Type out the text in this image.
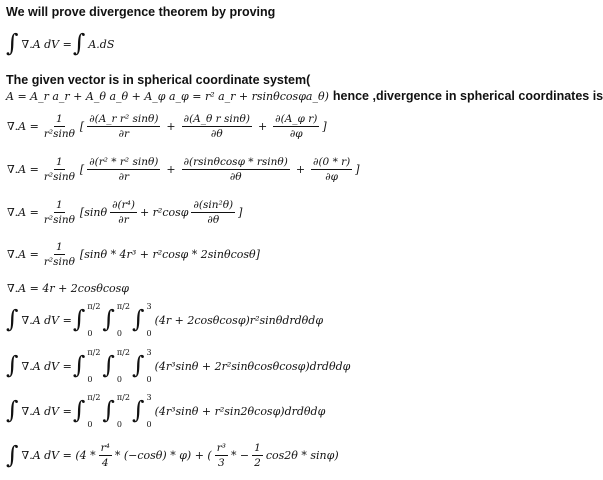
We will prove divergence theorem by proving
∫ ∇.A dV = ∫ A.dS
The given vector is in spherical coordinate system(
A = A_r a_r + A_θ a_θ + A_φ a_φ = r² a_r + rsinθcosφa_θ) hence ,divergence in spherical coordinates is
$\nabla.A = \frac{1}{\text{r²sinθ}}$ [ $\frac{\text{∂(A\_r r² sinθ)}}{\partial r} + \frac{\text{∂(A\_θ r sinθ)}}{\partial\theta} + \frac{\text{∂(A\_φ r)}}{\partial\varphi}$ ]
$\nabla.A = \frac{1}{\text{r²sinθ}}$ [ $\frac{\text{∂(r² * r² sinθ)}}{\partial r} + \frac{\partial(rsin\theta\cos\varphi * rsin\theta)}{\partial\theta} + \frac{\partial(0 * r)}{\partial\varphi}$ ]
$\nabla.A = \frac{1}{\text{r²sinθ}} [\sin\theta \frac{\text{∂(r⁴)}}{\partial r} + r^2\cos\varphi \frac{\text{∂(sin²θ)}}{\partial\theta}$ ]
$\nabla.A = \frac{1}{\text{r²sinθ}} [\sin\theta * 4r^3 + r^2\cos\varphi * 2\sin\theta\cos\theta]$
∇.A = 4r + 2cosθcosφ
∫ ∇.A dV = ∫ π/2
0
∫ π/2
0
∫ 3
0
(4r + 2cosθcosφ)r²sinθdrdθdφ
∫ ∇.A dV = ∫ π/2
0
∫ π/2
0
∫ 3
0
(4r³sinθ + 2r²sinθcosθcosφ)drdθdφ
∫ ∇.A dV = ∫ π/2
0
∫ π/2
0
∫ 3
0
(4r³sinθ + r²sin2θcosφ)drdθdφ
∫ ∇.A dV = $(4 * \frac{\text{r⁴}}{4} * (-\cos\theta) * \varphi)$ + ( $\frac{\text{r³}}{3}$ * − $\frac{1}{2} \cos 2\theta * \sin\varphi$)
